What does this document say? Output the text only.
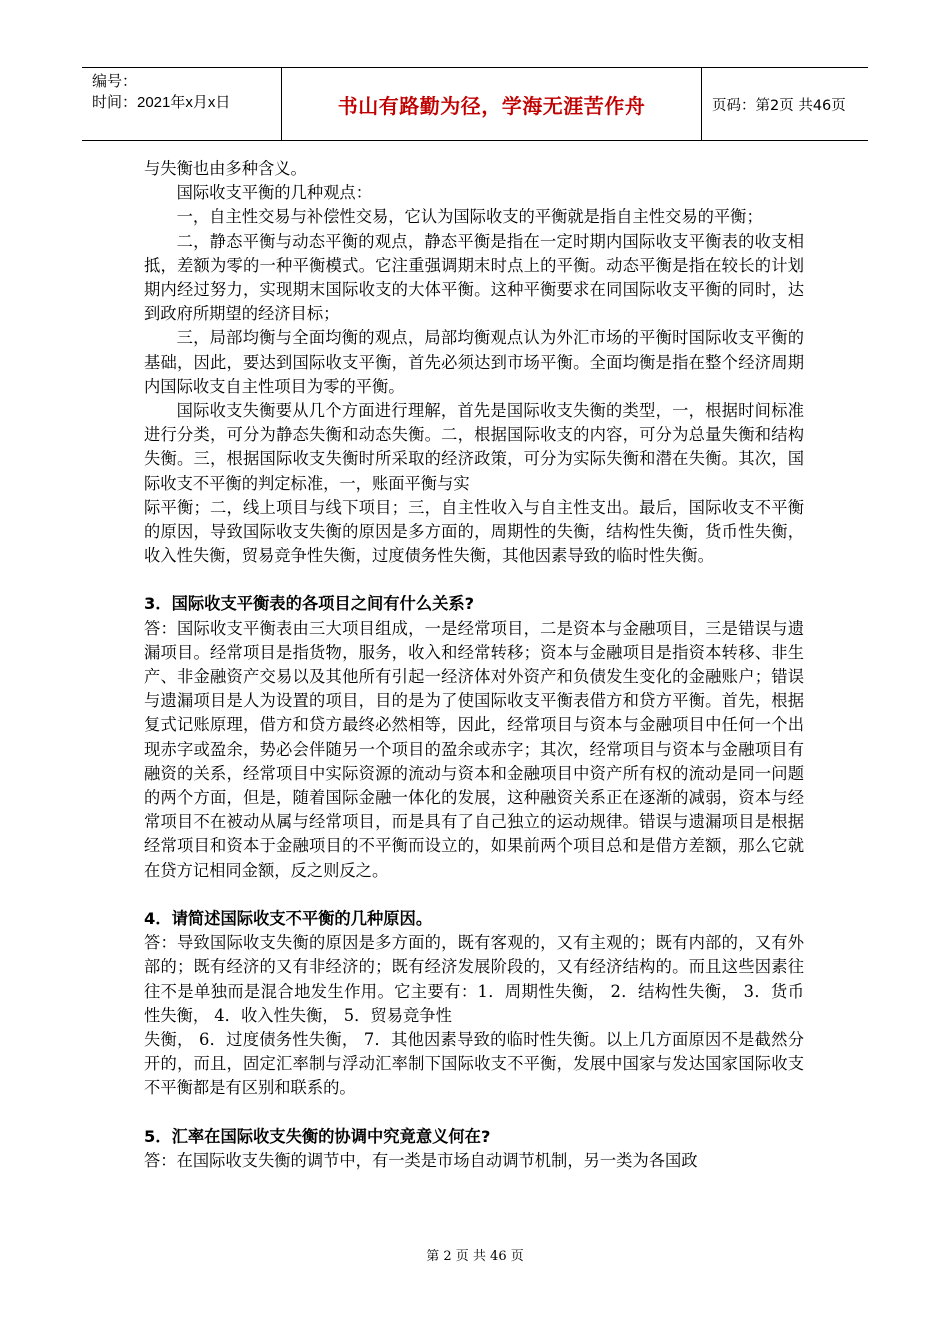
编号：
时间：2021年x月x日	书山有路勤为径，学海无涯苦作舟	页码：第2页 共46页

与失衡也由多种含义。

国际收支平衡的几种观点：

一，自主性交易与补偿性交易，它认为国际收支的平衡就是指自主性交易的平衡；

二，静态平衡与动态平衡的观点，静态平衡是指在一定时期内国际收支平衡表的收支相抵，差额为零的一种平衡模式。它注重强调期末时点上的平衡。动态平衡是指在较长的计划期内经过努力，实现期末国际收支的大体平衡。这种平衡要求在同国际收支平衡的同时，达到政府所期望的经济目标；

三，局部均衡与全面均衡的观点，局部均衡观点认为外汇市场的平衡时国际收支平衡的基础，因此，要达到国际收支平衡，首先必须达到市场平衡。全面均衡是指在整个经济周期内国际收支自主性项目为零的平衡。

国际收支失衡要从几个方面进行理解，首先是国际收支失衡的类型，一，根据时间标准进行分类，可分为静态失衡和动态失衡。二，根据国际收支的内容，可分为总量失衡和结构失衡。三，根据国际收支失衡时所采取的经济政策，可分为实际失衡和潜在失衡。其次，国际收支不平衡的判定标准，一，账面平衡与实

际平衡；二，线上项目与线下项目；三，自主性收入与自主性支出。最后，国际收支不平衡的原因，导致国际收支失衡的原因是多方面的，周期性的失衡，结构性失衡，货币性失衡，收入性失衡，贸易竞争性失衡，过度债务性失衡，其他因素导致的临时性失衡。

3．国际收支平衡表的各项目之间有什么关系?

答：国际收支平衡表由三大项目组成，一是经常项目，二是资本与金融项目，三是错误与遗漏项目。经常项目是指货物，服务，收入和经常转移；资本与金融项目是指资本转移、非生产、非金融资产交易以及其他所有引起一经济体对外资产和负债发生变化的金融账户；错误与遗漏项目是人为设置的项目，目的是为了使国际收支平衡表借方和贷方平衡。首先，根据复式记账原理，借方和贷方最终必然相等，因此，经常项目与资本与金融项目中任何一个出现赤字或盈余，势必会伴随另一个项目的盈余或赤字；其次，经常项目与资本与金融项目有融资的关系，经常项目中实际资源的流动与资本和金融项目中资产所有权的流动是同一问题的两个方面，但是，随着国际金融一体化的发展，这种融资关系正在逐渐的减弱，资本与经常项目不在被动从属与经常项目，而是具有了自己独立的运动规律。错误与遗漏项目是根据经常项目和资本于金融项目的不平衡而设立的，如果前两个项目总和是借方差额，那么它就在贷方记相同金额，反之则反之。

4．请简述国际收支不平衡的几种原因。

答：导致国际收支失衡的原因是多方面的，既有客观的，又有主观的；既有内部的，又有外部的；既有经济的又有非经济的；既有经济发展阶段的，又有经济结构的。而且这些因素往往不是单独而是混合地发生作用。它主要有：1．周期性失衡， 2．结构性失衡， 3．货币性失衡， 4．收入性失衡， 5．贸易竞争性

失衡， 6．过度债务性失衡， 7．其他因素导致的临时性失衡。以上几方面原因不是截然分开的，而且，固定汇率制与浮动汇率制下国际收支不平衡，发展中国家与发达国家国际收支不平衡都是有区别和联系的。

5．汇率在国际收支失衡的协调中究竟意义何在?

答：在国际收支失衡的调节中，有一类是市场自动调节机制，另一类为各国政

第 2 页 共 46 页
